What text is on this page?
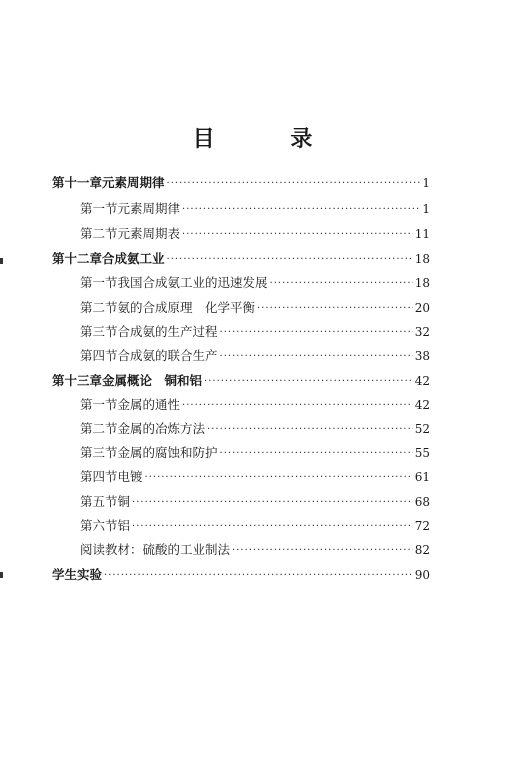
目 录
第十一章 元素周期律 ·····	1
第一节 元素周期律 ·····	1
第二节 元素周期表 ·····	11
第十二章 合成氨工业 ·····	18
第一节 我国合成氨工业的迅速发展 ·····	18
第二节 氨的合成原理　化学平衡 ·····	20
第三节 合成氨的生产过程 ·····	32
第四节 合成氨的联合生产 ·····	38
第十三章 金属概论　铜和铝 ·····	42
第一节 金属的通性 ·····	42
第二节 金属的冶炼方法 ·····	52
第三节 金属的腐蚀和防护 ·····	55
第四节 电镀 ·····	61
第五节 铜 ·····	68
第六节 铝 ·····	72
阅读教材： 硫酸的工业制法 ·····	82
学生实验 ·····	90
